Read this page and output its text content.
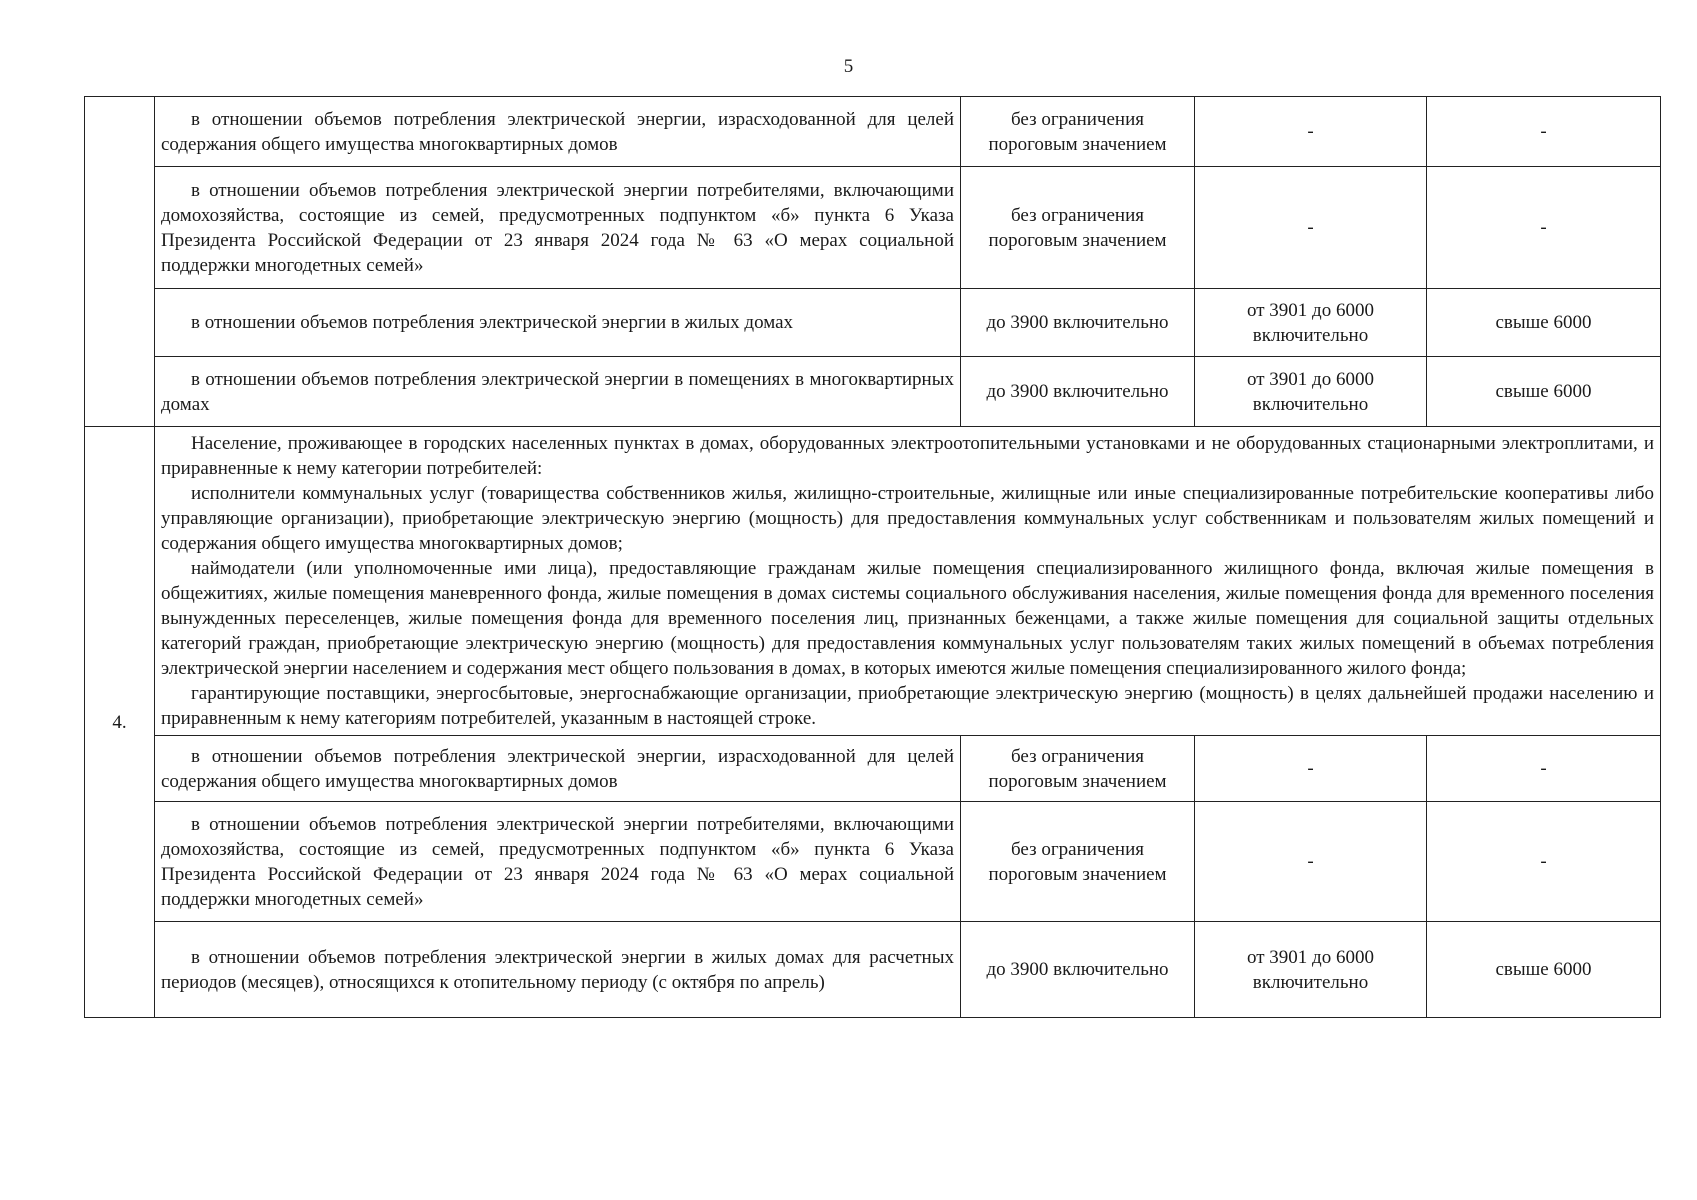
5
	в отношении объемов потребления электрической энергии, израсходованной для целей содержания общего имущества многоквартирных домов	без ограничения пороговым значением	-	-
	в отношении объемов потребления электрической энергии потребителями, включающими домохозяйства, состоящие из семей, предусмотренных подпунктом «б» пункта 6 Указа Президента Российской Федерации от 23 января 2024 года № 63 «О мерах социальной поддержки многодетных семей»	без ограничения пороговым значением	-	-
	в отношении объемов потребления электрической энергии в жилых домах	до 3900 включительно	от 3901 до 6000 включительно	свыше 6000
	в отношении объемов потребления электрической энергии в помещениях в многоквартирных домах	до 3900 включительно	от 3901 до 6000 включительно	свыше 6000
4.	Население, проживающее в городских населенных пунктах в домах, оборудованных электроотопительными установками и не оборудованных стационарными электроплитами, и приравненные к нему категории потребителей:

исполнители коммунальных услуг (товарищества собственников жилья, жилищно-строительные, жилищные или иные специализированные потребительские кооперативы либо управляющие организации), приобретающие электрическую энергию (мощность) для предоставления коммунальных услуг собственникам и пользователям жилых помещений и содержания общего имущества многоквартирных домов;

наймодатели (или уполномоченные ими лица), предоставляющие гражданам жилые помещения специализированного жилищного фонда, включая жилые помещения в общежитиях, жилые помещения маневренного фонда, жилые помещения в домах системы социального обслуживания населения, жилые помещения фонда для временного поселения вынужденных переселенцев, жилые помещения фонда для временного поселения лиц, признанных беженцами, а также жилые помещения для социальной защиты отдельных категорий граждан, приобретающие электрическую энергию (мощность) для предоставления коммунальных услуг пользователям таких жилых помещений в объемах потребления электрической энергии населением и содержания мест общего пользования в домах, в которых имеются жилые помещения специализированного жилого фонда;

гарантирующие поставщики, энергосбытовые, энергоснабжающие организации, приобретающие электрическую энергию (мощность) в целях дальнейшей продажи населению и приравненным к нему категориям потребителей, указанным в настоящей строке.			

	в отношении объемов потребления электрической энергии, израсходованной для целей содержания общего имущества многоквартирных домов	без ограничения пороговым значением	-	-
	в отношении объемов потребления электрической энергии потребителями, включающими домохозяйства, состоящие из семей, предусмотренных подпунктом «б» пункта 6 Указа Президента Российской Федерации от 23 января 2024 года № 63 «О мерах социальной поддержки многодетных семей»	без ограничения пороговым значением	-	-
	в отношении объемов потребления электрической энергии в жилых домах для расчетных периодов (месяцев), относящихся к отопительному периоду (с октября по апрель)	до 3900 включительно	от 3901 до 6000 включительно	свыше 6000
